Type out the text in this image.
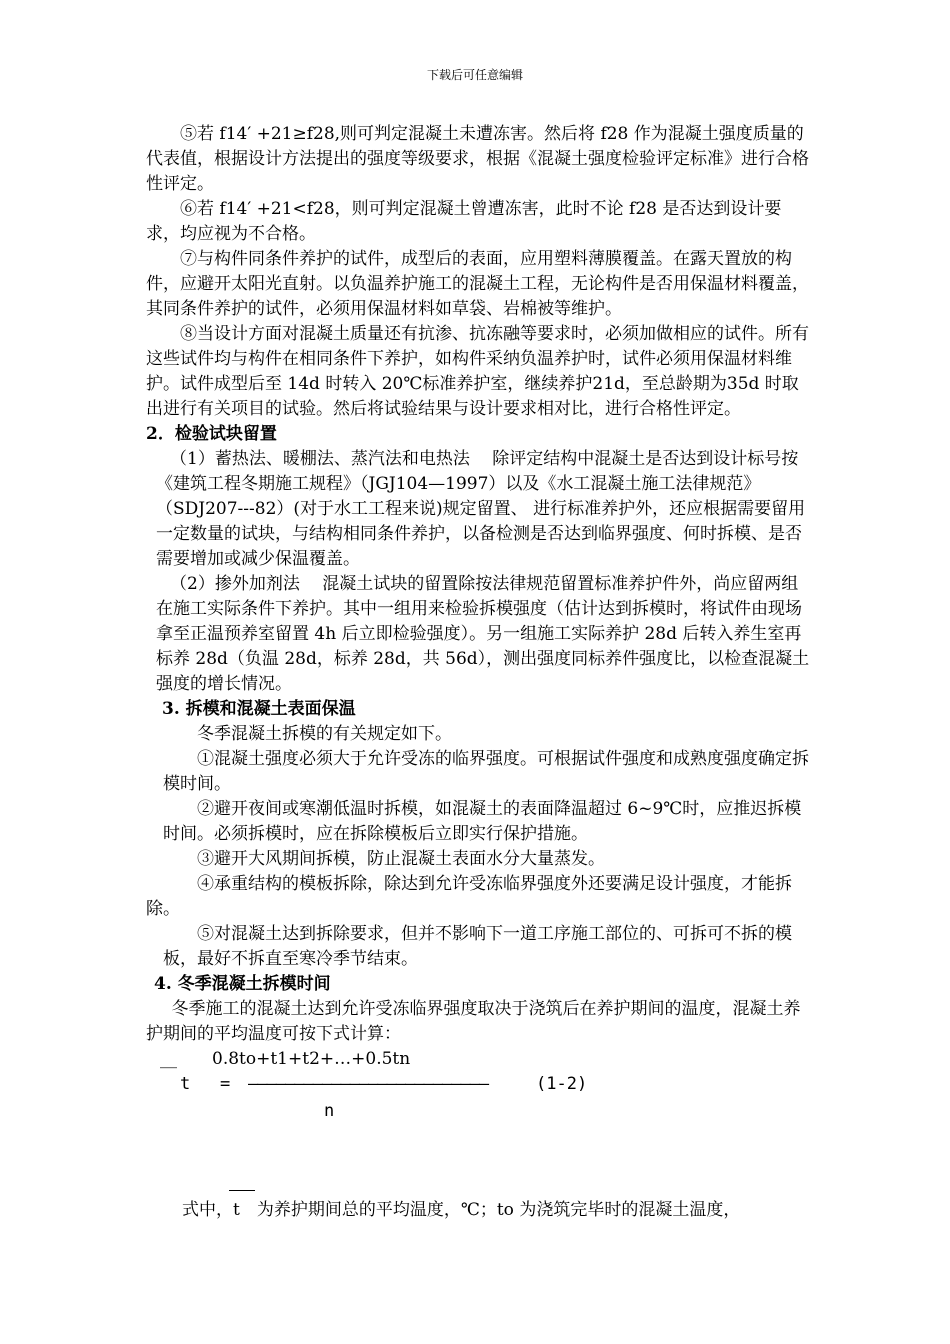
下载后可任意编辑

⑤若 f14′ +21≥f28,则可判定混凝土未遭冻害。然后将 f28 作为混凝土强度质量的代表值，根据设计方法提出的强度等级要求，根据《混凝土强度检验评定标准》进行合格性评定。

⑥若 f14′ +21<f28，则可判定混凝土曾遭冻害，此时不论 f28 是否达到设计要求，均应视为不合格。

⑦与构件同条件养护的试件，成型后的表面，应用塑料薄膜覆盖。在露天置放的构件，应避开太阳光直射。以负温养护施工的混凝土工程，无论构件是否用保温材料覆盖，其同条件养护的试件，必须用保温材料如草袋、岩棉被等维护。

⑧当设计方面对混凝土质量还有抗渗、抗冻融等要求时，必须加做相应的试件。所有这些试件均与构件在相同条件下养护，如构件采纳负温养护时，试件必须用保温材料维护。试件成型后至 14d 时转入 20℃标准养护室，继续养护21d，至总龄期为35d 时取出进行有关项目的试验。然后将试验结果与设计要求相对比，进行合格性评定。

2．检验试块留置

（1）蓄热法、暖棚法、蒸汽法和电热法　 除评定结构中混凝土是否达到设计标号按《建筑工程冬期施工规程》（JGJ104—1997）以及《水工混凝土施工法律规范》（SDJ207---82）(对于水工工程来说)规定留置、 进行标准养护外，还应根据需要留用一定数量的试块，与结构相同条件养护，以备检测是否达到临界强度、何时拆模、是否需要增加或减少保温覆盖。

（2）掺外加剂法　 混凝土试块的留置除按法律规范留置标准养护件外，尚应留两组在施工实际条件下养护。其中一组用来检验拆模强度（估计达到拆模时，将试件由现场拿至正温预养室留置 4h 后立即检验强度）。另一组施工实际养护 28d 后转入养生室再标养 28d（负温 28d，标养 28d，共 56d），测出强度同标养件强度比，以检查混凝土强度的增长情况。

3. 拆模和混凝土表面保温

冬季混凝土拆模的有关规定如下。

①混凝土强度必须大于允许受冻的临界强度。可根据试件强度和成熟度强度确定拆模时间。

②避开夜间或寒潮低温时拆模，如混凝土的表面降温超过 6~9℃时，应推迟拆模时间。必须拆模时，应在拆除模板后立即实行保护措施。

③避开大风期间拆模，防止混凝土表面水分大量蒸发。

④承重结构的模板拆除，除达到允许受冻临界强度外还要满足设计强度，才能拆除。

⑤对混凝土达到拆除要求，但并不影响下一道工序施工部位的、可拆可不拆的模板，最好不拆直至寒冷季节结束。

4. 冬季混凝土拆模时间

冬季施工的混凝土达到允许受冻临界强度取决于浇筑后在养护期间的温度，混凝土养护期间的平均温度可按下式计算：

__ 0.8to+t1+t2+…+0.5tn
t = ——————————————————————————	(1-2)
n
式中，t　为养护期间总的平均温度，℃；to 为浇筑完毕时的混凝土温度，
